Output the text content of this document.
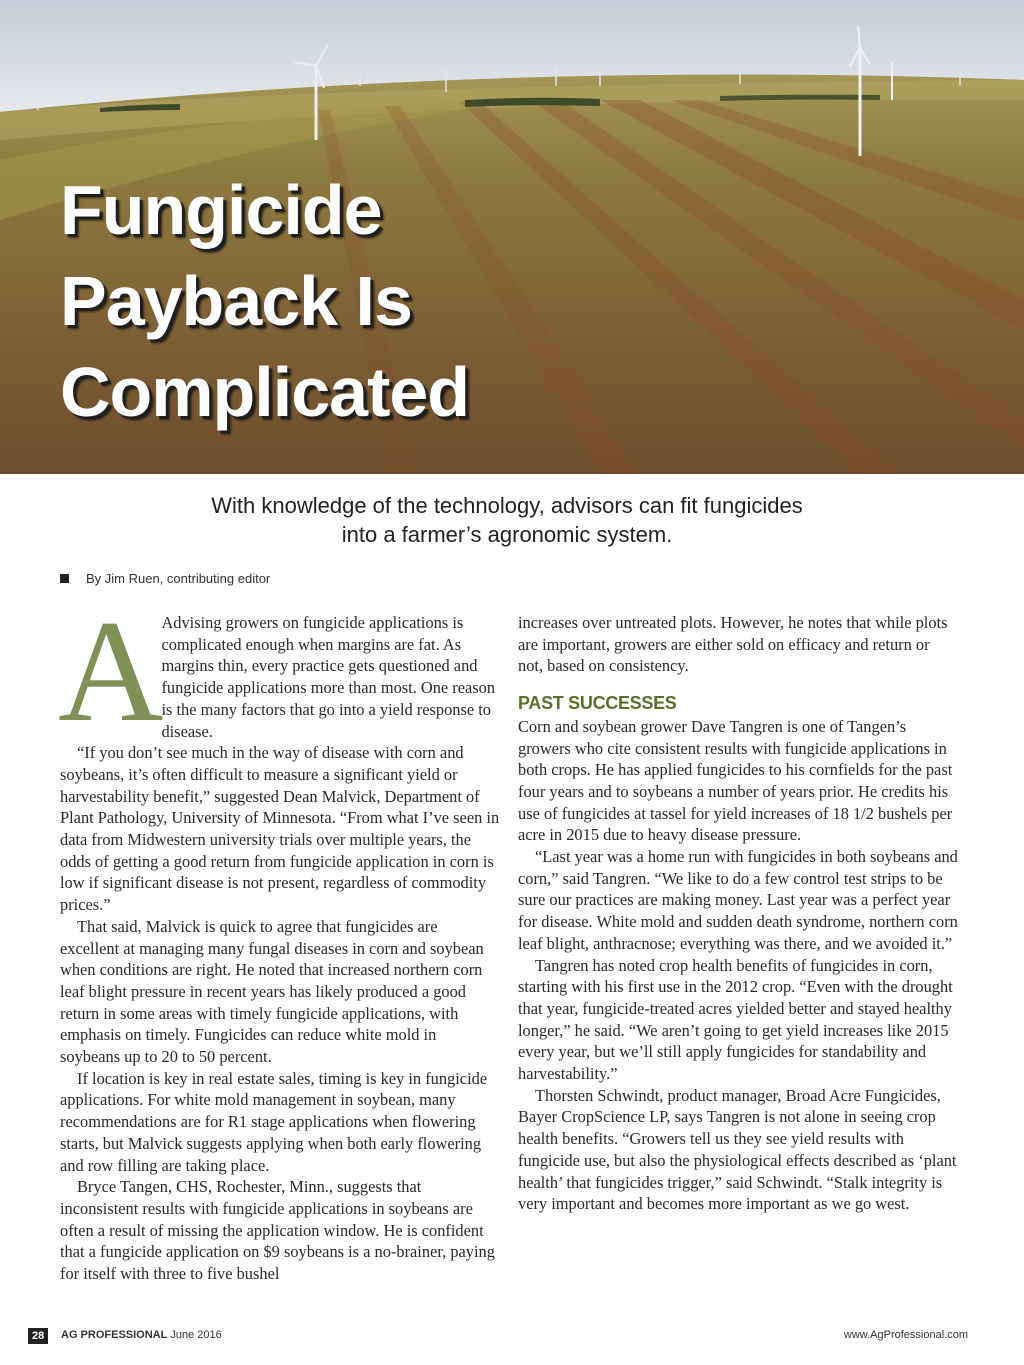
Fungicide
Payback Is
Complicated
With knowledge of the technology, advisors can fit fungicides
into a farmer’s agronomic system.
By Jim Ruen, contributing editor
A

Advising growers on fungicide applications is complicated enough when margins are fat. As margins thin, every practice gets questioned and fungicide applications more than most. One reason is the many factors that go into a yield response to disease.

“If you don’t see much in the way of disease with corn and soybeans, it’s often difficult to measure a significant yield or harvestability benefit,” suggested Dean Malvick, Department of Plant Pathology, University of Minnesota. “From what I’ve seen in data from Midwestern university trials over multiple years, the odds of getting a good return from fungicide application in corn is low if significant disease is not present, regardless of commodity prices.”

That said, Malvick is quick to agree that fungicides are excellent at managing many fungal diseases in corn and soybean when conditions are right. He noted that increased northern corn leaf blight pressure in recent years has likely produced a good return in some areas with timely fungicide applications, with emphasis on timely. Fungicides can reduce white mold in soybeans up to 20 to 50 percent.

If location is key in real estate sales, timing is key in fungicide applications. For white mold management in soybean, many recommendations are for R1 stage applications when flowering starts, but Malvick suggests applying when both early flowering and row filling are taking place.

Bryce Tangen, CHS, Rochester, Minn., suggests that inconsistent results with fungicide applications in soybeans are often a result of missing the application window. He is confident that a fungicide application on $9 soybeans is a no-brainer, paying for itself with three to five bushel

increases over untreated plots. However, he notes that while plots are important, growers are either sold on efficacy and return or not, based on consistency.

PAST SUCCESSES

Corn and soybean grower Dave Tangren is one of Tangen’s growers who cite consistent results with fungicide applications in both crops. He has applied fungicides to his cornfields for the past four years and to soybeans a number of years prior. He credits his use of fungicides at tassel for yield increases of 18 1/2 bushels per acre in 2015 due to heavy disease pressure.

“Last year was a home run with fungicides in both soybeans and corn,” said Tangren. “We like to do a few control test strips to be sure our practices are making money. Last year was a perfect year for disease. White mold and sudden death syndrome, northern corn leaf blight, anthracnose; everything was there, and we avoided it.”

Tangren has noted crop health benefits of fungicides in corn, starting with his first use in the 2012 crop. “Even with the drought that year, fungicide-treated acres yielded better and stayed healthy longer,” he said. “We aren’t going to get yield increases like 2015 every year, but we’ll still apply fungicides for standability and harvestability.”

Thorsten Schwindt, product manager, Broad Acre Fungicides, Bayer CropScience LP, says Tangren is not alone in seeing crop health benefits. “Growers tell us they see yield results with fungicide use, but also the physiological effects described as ‘plant health’ that fungicides trigger,” said Schwindt. “Stalk integrity is very important and becomes more important as we go west.

28	AG PROFESSIONAL June 2016	www.AgProfessional.com
